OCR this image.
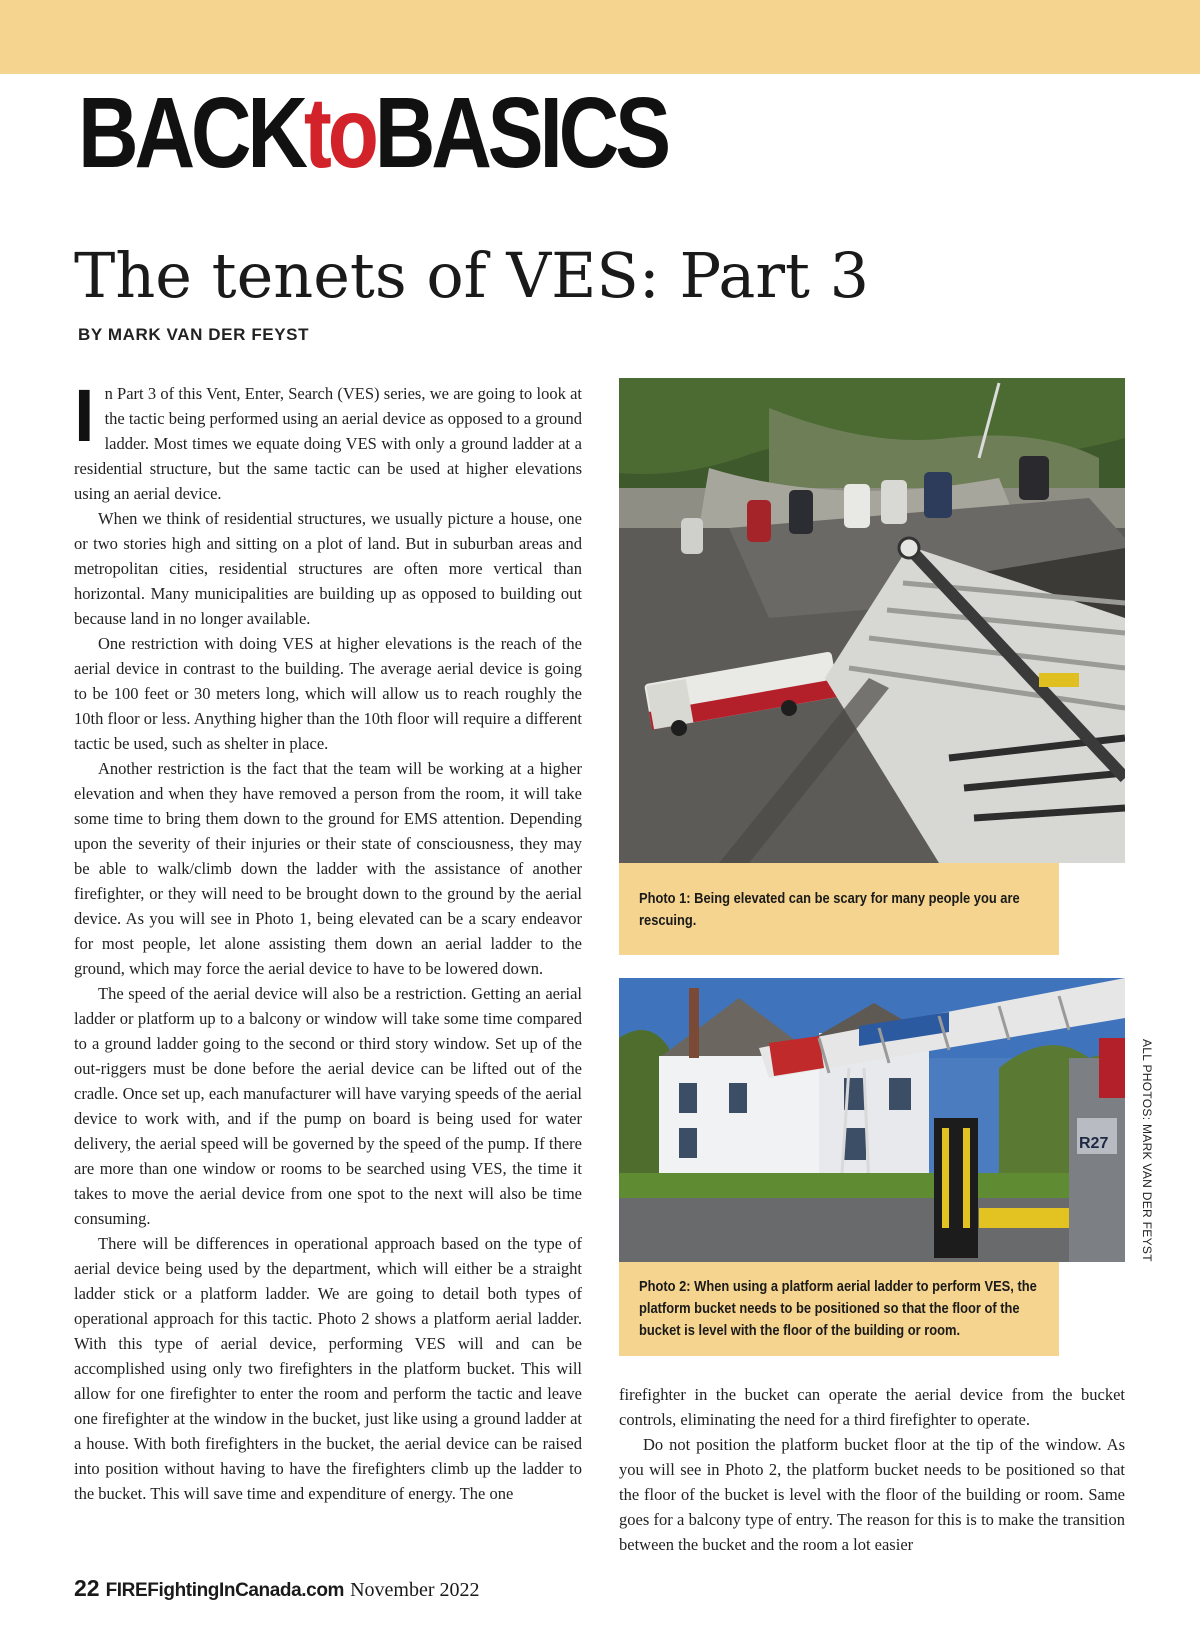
BACKtoBASICS
The tenets of VES: Part 3
BY MARK VAN DER FEYST

In Part 3 of this Vent, Enter, Search (VES) series, we are going to look at the tactic being performed using an aerial device as opposed to a ground ladder. Most times we equate doing VES with only a ground ladder at a residential structure, but the same tactic can be used at higher elevations using an aerial device.

When we think of residential structures, we usually picture a house, one or two stories high and sitting on a plot of land. But in suburban areas and metropolitan cities, residential structures are often more vertical than horizontal. Many municipalities are building up as opposed to building out because land in no longer available.

One restriction with doing VES at higher elevations is the reach of the aerial device in contrast to the building. The average aerial device is going to be 100 feet or 30 meters long, which will allow us to reach roughly the 10th floor or less. Anything higher than the 10th floor will require a different tactic be used, such as shelter in place.

Another restriction is the fact that the team will be working at a higher elevation and when they have removed a person from the room, it will take some time to bring them down to the ground for EMS attention. Depending upon the severity of their injuries or their state of consciousness, they may be able to walk/climb down the ladder with the assistance of another firefighter, or they will need to be brought down to the ground by the aerial device. As you will see in Photo 1, being elevated can be a scary endeavor for most people, let alone assisting them down an aerial ladder to the ground, which may force the aerial device to have to be lowered down.

The speed of the aerial device will also be a restriction. Getting an aerial ladder or platform up to a balcony or window will take some time compared to a ground ladder going to the second or third story window. Set up of the out-riggers must be done before the aerial device can be lifted out of the cradle. Once set up, each manufacturer will have varying speeds of the aerial device to work with, and if the pump on board is being used for water delivery, the aerial speed will be governed by the speed of the pump. If there are more than one window or rooms to be searched using VES, the time it takes to move the aerial device from one spot to the next will also be time consuming.

There will be differences in operational approach based on the type of aerial device being used by the department, which will either be a straight ladder stick or a platform ladder. We are going to detail both types of operational approach for this tactic. Photo 2 shows a platform aerial ladder. With this type of aerial device, performing VES will and can be accomplished using only two firefighters in the platform bucket. This will allow for one firefighter to enter the room and perform the tactic and leave one firefighter at the window in the bucket, just like using a ground ladder at a house. With both firefighters in the bucket, the aerial device can be raised into position without having to have the firefighters climb up the ladder to the bucket. This will save time and expenditure of energy. The one

Photo 1: Being elevated can be scary for many people you are rescuing.
R27
Photo 2: When using a platform aerial ladder to perform VES, the platform bucket needs to be positioned so that the floor of the bucket is level with the floor of the building or room.
ALL PHOTOS: MARK VAN DER FEYST

firefighter in the bucket can operate the aerial device from the bucket controls, eliminating the need for a third firefighter to operate.

Do not position the platform bucket floor at the tip of the window. As you will see in Photo 2, the platform bucket needs to be positioned so that the floor of the bucket is level with the floor of the building or room. Same goes for a balcony type of entry. The reason for this is to make the transition between the bucket and the room a lot easier

22 FIREFightingInCanada.com November 2022
